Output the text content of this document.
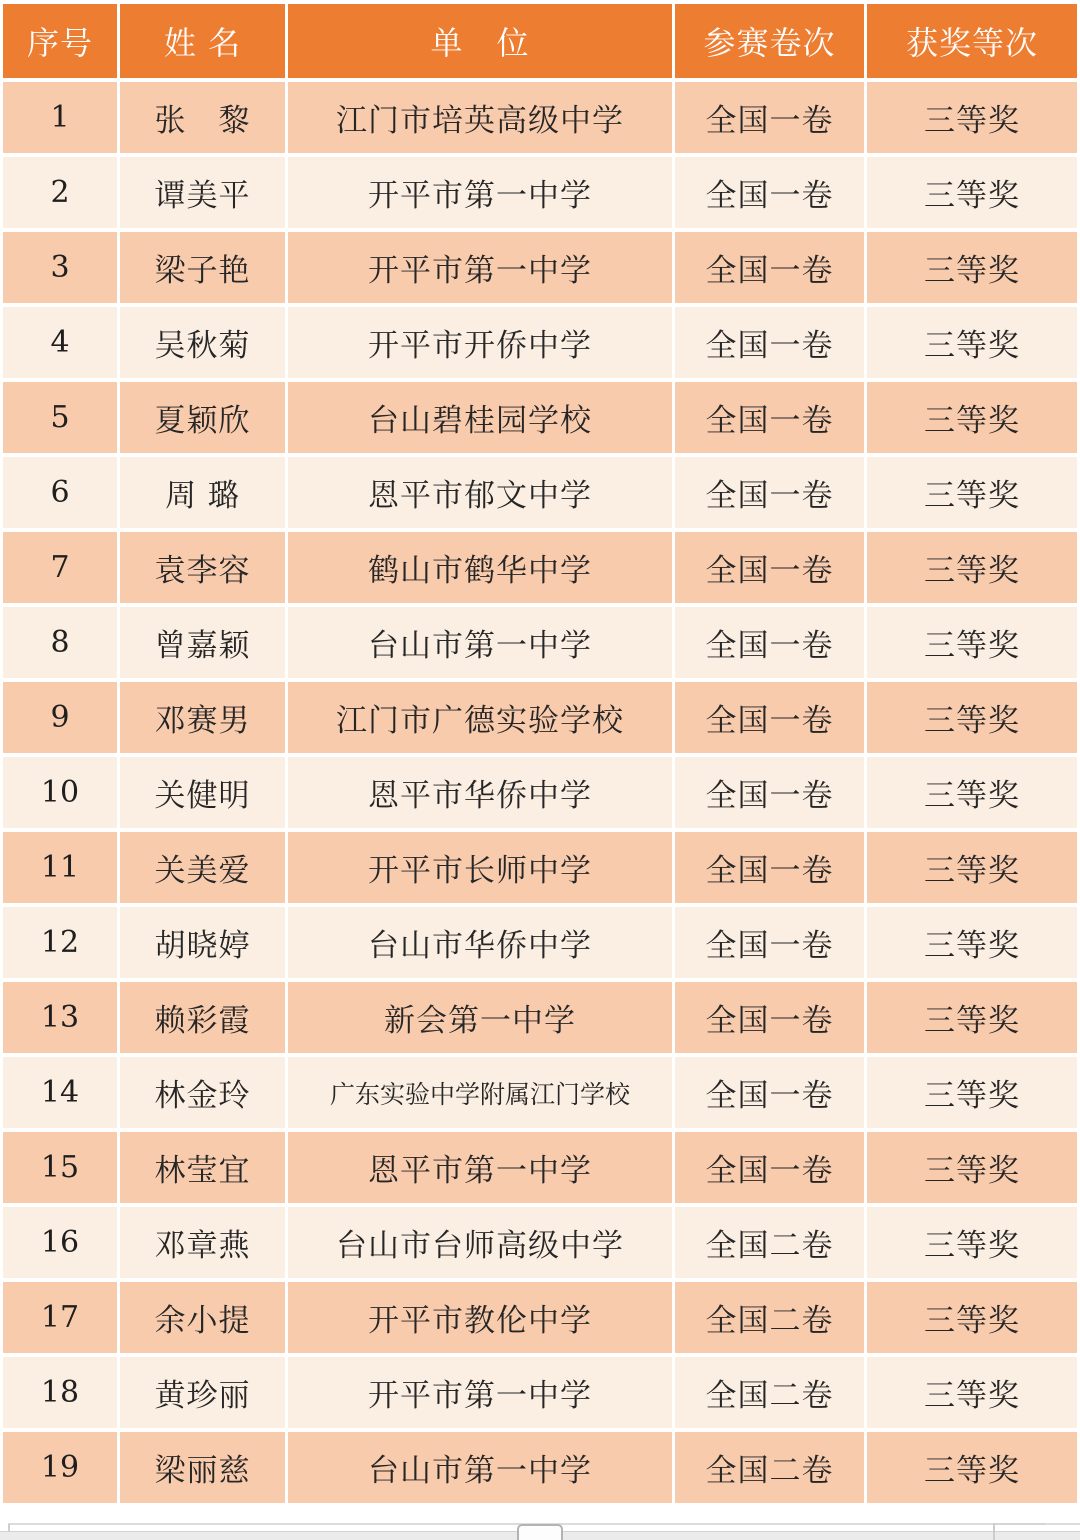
序号	姓 名	单　位	参赛卷次	获奖等次
1	张　黎	江门市培英高级中学	全国一卷	三等奖
2	谭美平	开平市第一中学	全国一卷	三等奖
3	梁子艳	开平市第一中学	全国一卷	三等奖
4	吴秋菊	开平市开侨中学	全国一卷	三等奖
5	夏颖欣	台山碧桂园学校	全国一卷	三等奖
6	周 璐	恩平市郁文中学	全国一卷	三等奖
7	袁李容	鹤山市鹤华中学	全国一卷	三等奖
8	曾嘉颖	台山市第一中学	全国一卷	三等奖
9	邓赛男	江门市广德实验学校	全国一卷	三等奖
10	关健明	恩平市华侨中学	全国一卷	三等奖
11	关美爱	开平市长师中学	全国一卷	三等奖
12	胡晓婷	台山市华侨中学	全国一卷	三等奖
13	赖彩霞	新会第一中学	全国一卷	三等奖
14	林金玲	广东实验中学附属江门学校	全国一卷	三等奖
15	林莹宜	恩平市第一中学	全国一卷	三等奖
16	邓章燕	台山市台师高级中学	全国二卷	三等奖
17	余小提	开平市教伦中学	全国二卷	三等奖
18	黄珍丽	开平市第一中学	全国二卷	三等奖
19	梁丽慈	台山市第一中学	全国二卷	三等奖
